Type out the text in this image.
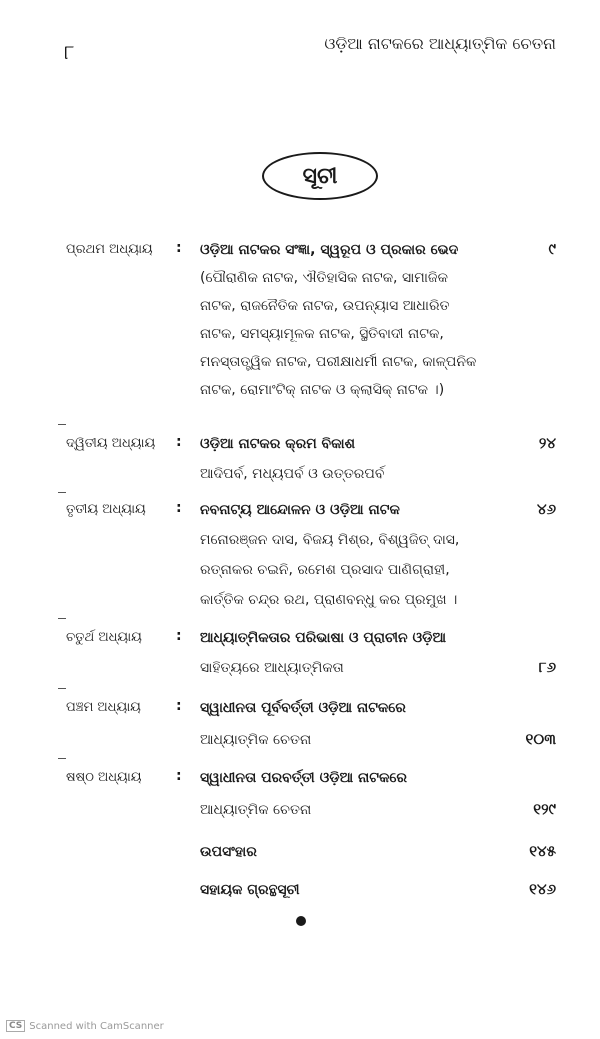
୮	ଓଡ଼ିଆ ନାଟକରେ ଆଧ୍ୟାତ୍ମିକ ଚେତନା
ସୂଚୀ
ପ୍ରଥମ ଅଧ୍ୟାୟ : ଓଡ଼ିଆ ନାଟକର ସଂଜ୍ଞା, ସ୍ୱରୂପ ଓ ପ୍ରକାର ଭେଦ	୯
(ପୌରାଣିକ ନାଟକ, ଐତିହାସିକ ନାଟକ, ସାମାଜିକ
ନାଟକ, ରାଜନୈତିକ ନାଟକ, ଉପନ୍ୟାସ ଆଧାରିତ
ନାଟକ, ସମସ୍ୟାମୂଳକ ନାଟକ, ସ୍ଥିତିବାଦୀ ନାଟକ,
ମନସ୍ତାତ୍ତ୍ୱିକ ନାଟକ, ପରୀକ୍ଷାଧର୍ମୀ ନାଟକ, କାଳ୍ପନିକ
ନାଟକ, ରୋମାଂଟିକ୍ ନାଟକ ଓ କ୍ଲାସିକ୍ ନାଟକ ।)
ଦ୍ୱିତୀୟ ଅଧ୍ୟାୟ : ଓଡ଼ିଆ ନାଟକର କ୍ରମ ବିକାଶ	୨୪
ଆଦିପର୍ବ, ମଧ୍ୟପର୍ବ ଓ ଉତ୍ତରପର୍ବ
ତୃତୀୟ ଅଧ୍ୟାୟ : ନବନାଟ୍ୟ ଆନ୍ଦୋଳନ ଓ ଓଡ଼ିଆ ନାଟକ	୪୬
ମନୋରଞ୍ଜନ ଦାସ, ବିଜୟ ମିଶ୍ର, ବିଶ୍ୱଜିତ୍ ଦାସ,
ରତ୍ନାକର ଚଇନି, ରମେଶ ପ୍ରସାଦ ପାଣିଗ୍ରାହୀ,
କାର୍ତ୍ତିକ ଚନ୍ଦ୍ର ରଥ, ପ୍ରାଣବନ୍ଧୁ କର ପ୍ରମୁଖ ।
ଚତୁର୍ଥ ଅଧ୍ୟାୟ : ଆଧ୍ୟାତ୍ମିକତାର ପରିଭାଷା ଓ ପ୍ରାଚୀନ ଓଡ଼ିଆ
ସାହିତ୍ୟରେ ଆଧ୍ୟାତ୍ମିକତା	୮୬
ପଞ୍ଚମ ଅଧ୍ୟାୟ	: ସ୍ୱାଧୀନତା ପୂର୍ବବର୍ତ୍ତୀ ଓଡ଼ିଆ ନାଟକରେ
ଆଧ୍ୟାତ୍ମିକ ଚେତନା	୧୦୩
ଷଷ୍ଠ ଅଧ୍ୟାୟ : ସ୍ୱାଧୀନତା ପରବର୍ତ୍ତୀ ଓଡ଼ିଆ ନାଟକରେ
ଆଧ୍ୟାତ୍ମିକ ଚେତନା	୧୨୯
ଉପସଂହାର	୧୪୫
ସହାୟକ ଗ୍ରନ୍ଥସୂଚୀ	୧୪୬
CS Scanned with CamScanner
